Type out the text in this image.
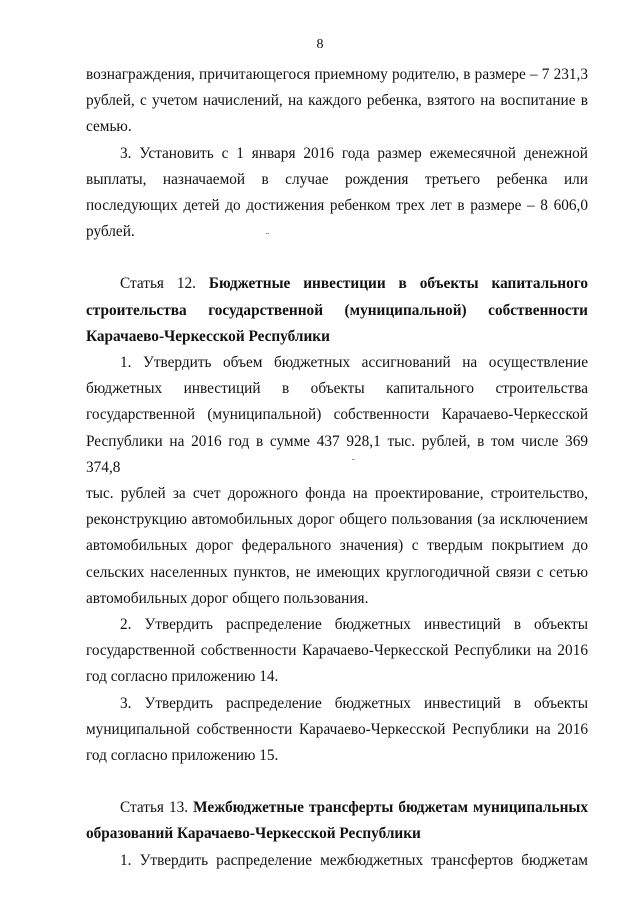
8

вознаграждения, причитающегося приемному родителю, в размере – 7 231,3

рублей, с учетом начислений, на каждого ребенка, взятого на воспитание в

семью.

3. Установить с 1 января 2016 года размер ежемесячной денежной

выплаты, назначаемой в случае рождения третьего ребенка или

последующих детей до достижения ребенком трех лет в размере – 8 606,0

рублей.

Статья 12. Бюджетные инвестиции в объекты капитального

строительства государственной (муниципальной) собственности

Карачаево-Черкесской Республики

1. Утвердить объем бюджетных ассигнований на осуществление

бюджетных инвестиций в объекты капитального строительства

государственной (муниципальной) собственности Карачаево-Черкесской

Республики на 2016 год в сумме 437 928,1 тыс. рублей, в том числе 369 374,8

тыс. рублей за счет дорожного фонда на проектирование, строительство,

реконструкцию автомобильных дорог общего пользования (за исключением

автомобильных дорог федерального значения) с твердым покрытием до

сельских населенных пунктов, не имеющих круглогодичной связи с сетью

автомобильных дорог общего пользования.

2. Утвердить распределение бюджетных инвестиций в объекты

государственной собственности Карачаево-Черкесской Республики на 2016

год согласно приложению 14.

3. Утвердить распределение бюджетных инвестиций в объекты

муниципальной собственности Карачаево-Черкесской Республики на 2016

год согласно приложению 15.

Статья 13. Межбюджетные трансферты бюджетам муниципальных

образований Карачаево-Черкесской Республики

1. Утвердить распределение межбюджетных трансфертов бюджетам
